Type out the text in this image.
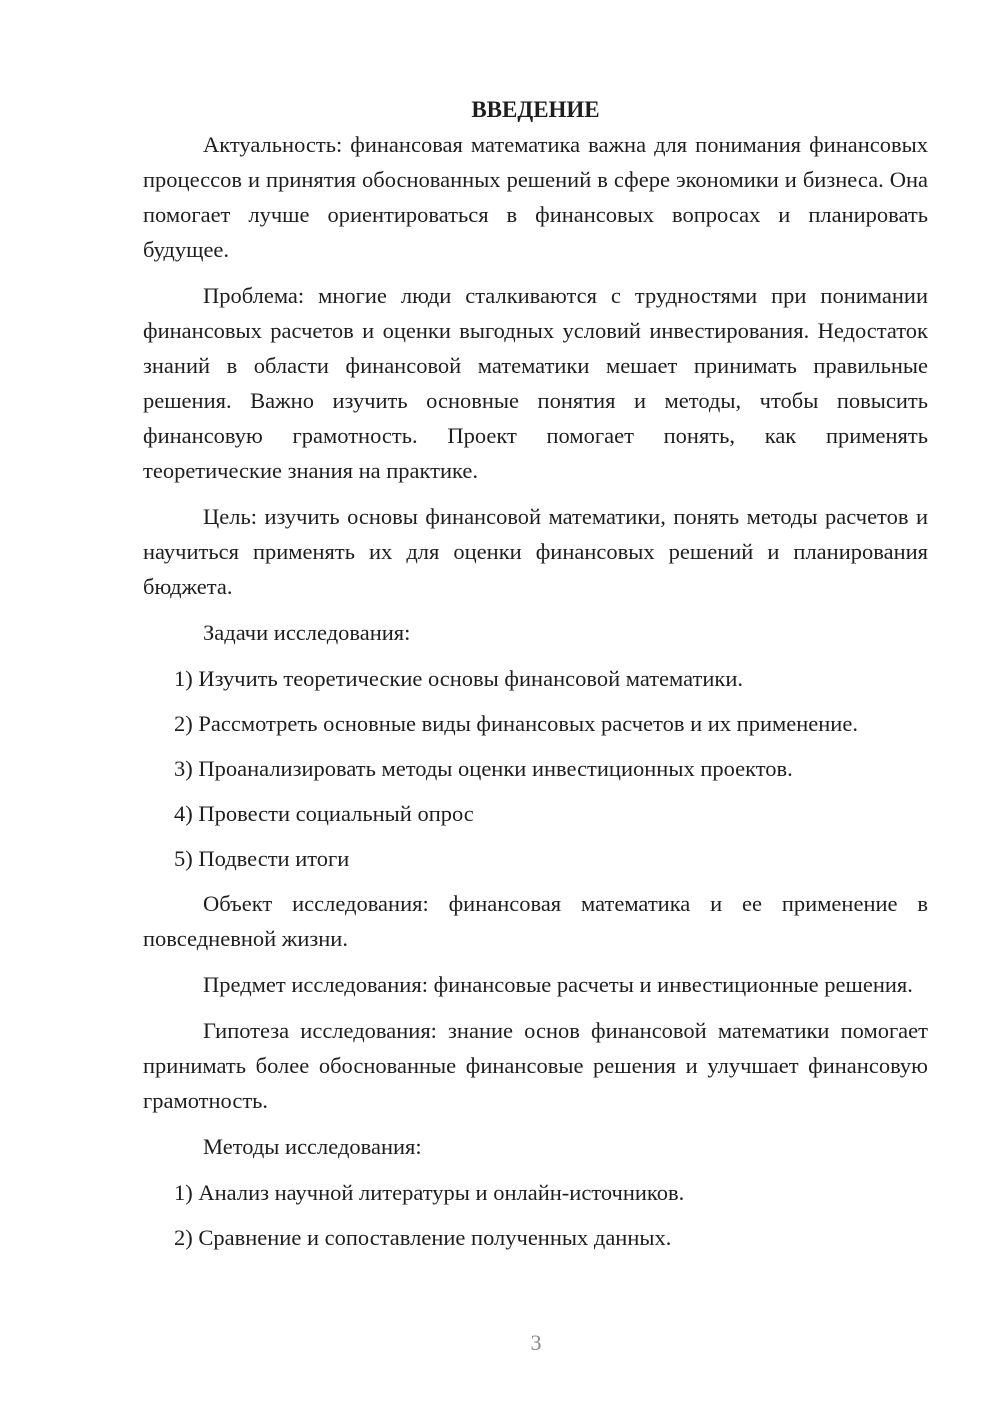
ВВЕДЕНИЕ

Актуальность: финансовая математика важна для понимания финансовых процессов и принятия обоснованных решений в сфере экономики и бизнеса. Она помогает лучше ориентироваться в финансовых вопросах и планировать будущее.

Проблема: многие люди сталкиваются с трудностями при понимании финансовых расчетов и оценки выгодных условий инвестирования. Недостаток знаний в области финансовой математики мешает принимать правильные решения. Важно изучить основные понятия и методы, чтобы повысить финансовую грамотность. Проект помогает понять, как применять теоретические знания на практике.

Цель: изучить основы финансовой математики, понять методы расчетов и научиться применять их для оценки финансовых решений и планирования бюджета.

Задачи исследования:

1) Изучить теоретические основы финансовой математики.

2) Рассмотреть основные виды финансовых расчетов и их применение.

3) Проанализировать методы оценки инвестиционных проектов.

4) Провести социальный опрос

5) Подвести итоги

Объект исследования: финансовая математика и ее применение в повседневной жизни.

Предмет исследования: финансовые расчеты и инвестиционные решения.

Гипотеза исследования: знание основ финансовой математики помогает принимать более обоснованные финансовые решения и улучшает финансовую грамотность.

Методы исследования:

1) Анализ научной литературы и онлайн-источников.

2) Сравнение и сопоставление полученных данных.

3
